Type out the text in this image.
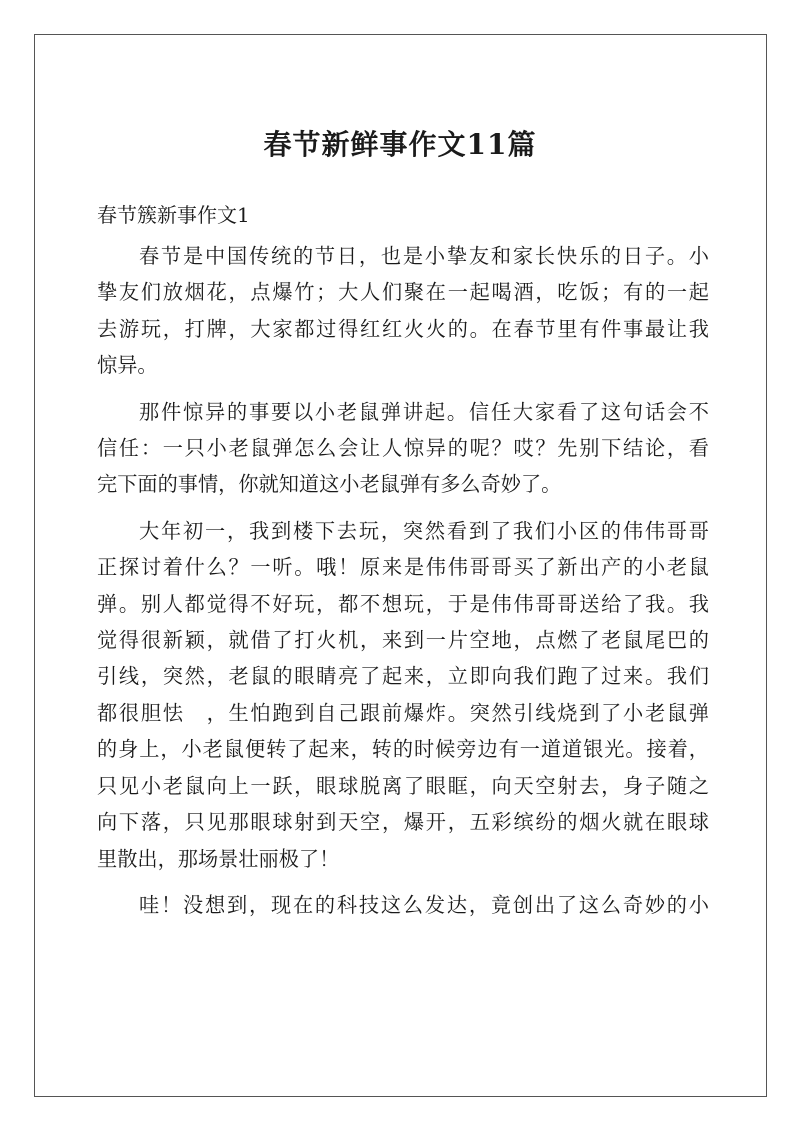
春节新鲜事作文11篇

春节簇新事作文1

春节是中国传统的节日，也是小挚友和家长快乐的日子。小
挚友们放烟花，点爆竹；大人们聚在一起喝酒，吃饭；有的一起
去游玩，打牌，大家都过得红红火火的。在春节里有件事最让我
惊异。
那件惊异的事要以小老鼠弹讲起。信任大家看了这句话会不
信任：一只小老鼠弹怎么会让人惊异的呢？哎？先别下结论，看
完下面的事情，你就知道这小老鼠弹有多么奇妙了。
大年初一，我到楼下去玩，突然看到了我们小区的伟伟哥哥
正探讨着什么？一听。哦！原来是伟伟哥哥买了新出产的小老鼠
弹。别人都觉得不好玩，都不想玩，于是伟伟哥哥送给了我。我
觉得很新颖，就借了打火机，来到一片空地，点燃了老鼠尾巴的
引线，突然，老鼠的眼睛亮了起来，立即向我们跑了过来。我们
都很胆怯　，生怕跑到自己跟前爆炸。突然引线烧到了小老鼠弹
的身上，小老鼠便转了起来，转的时候旁边有一道道银光。接着，
只见小老鼠向上一跃，眼球脱离了眼眶，向天空射去，身子随之
向下落，只见那眼球射到天空，爆开，五彩缤纷的烟火就在眼球
里散出，那场景壮丽极了！
哇！没想到，现在的科技这么发达，竟创出了这么奇妙的小
